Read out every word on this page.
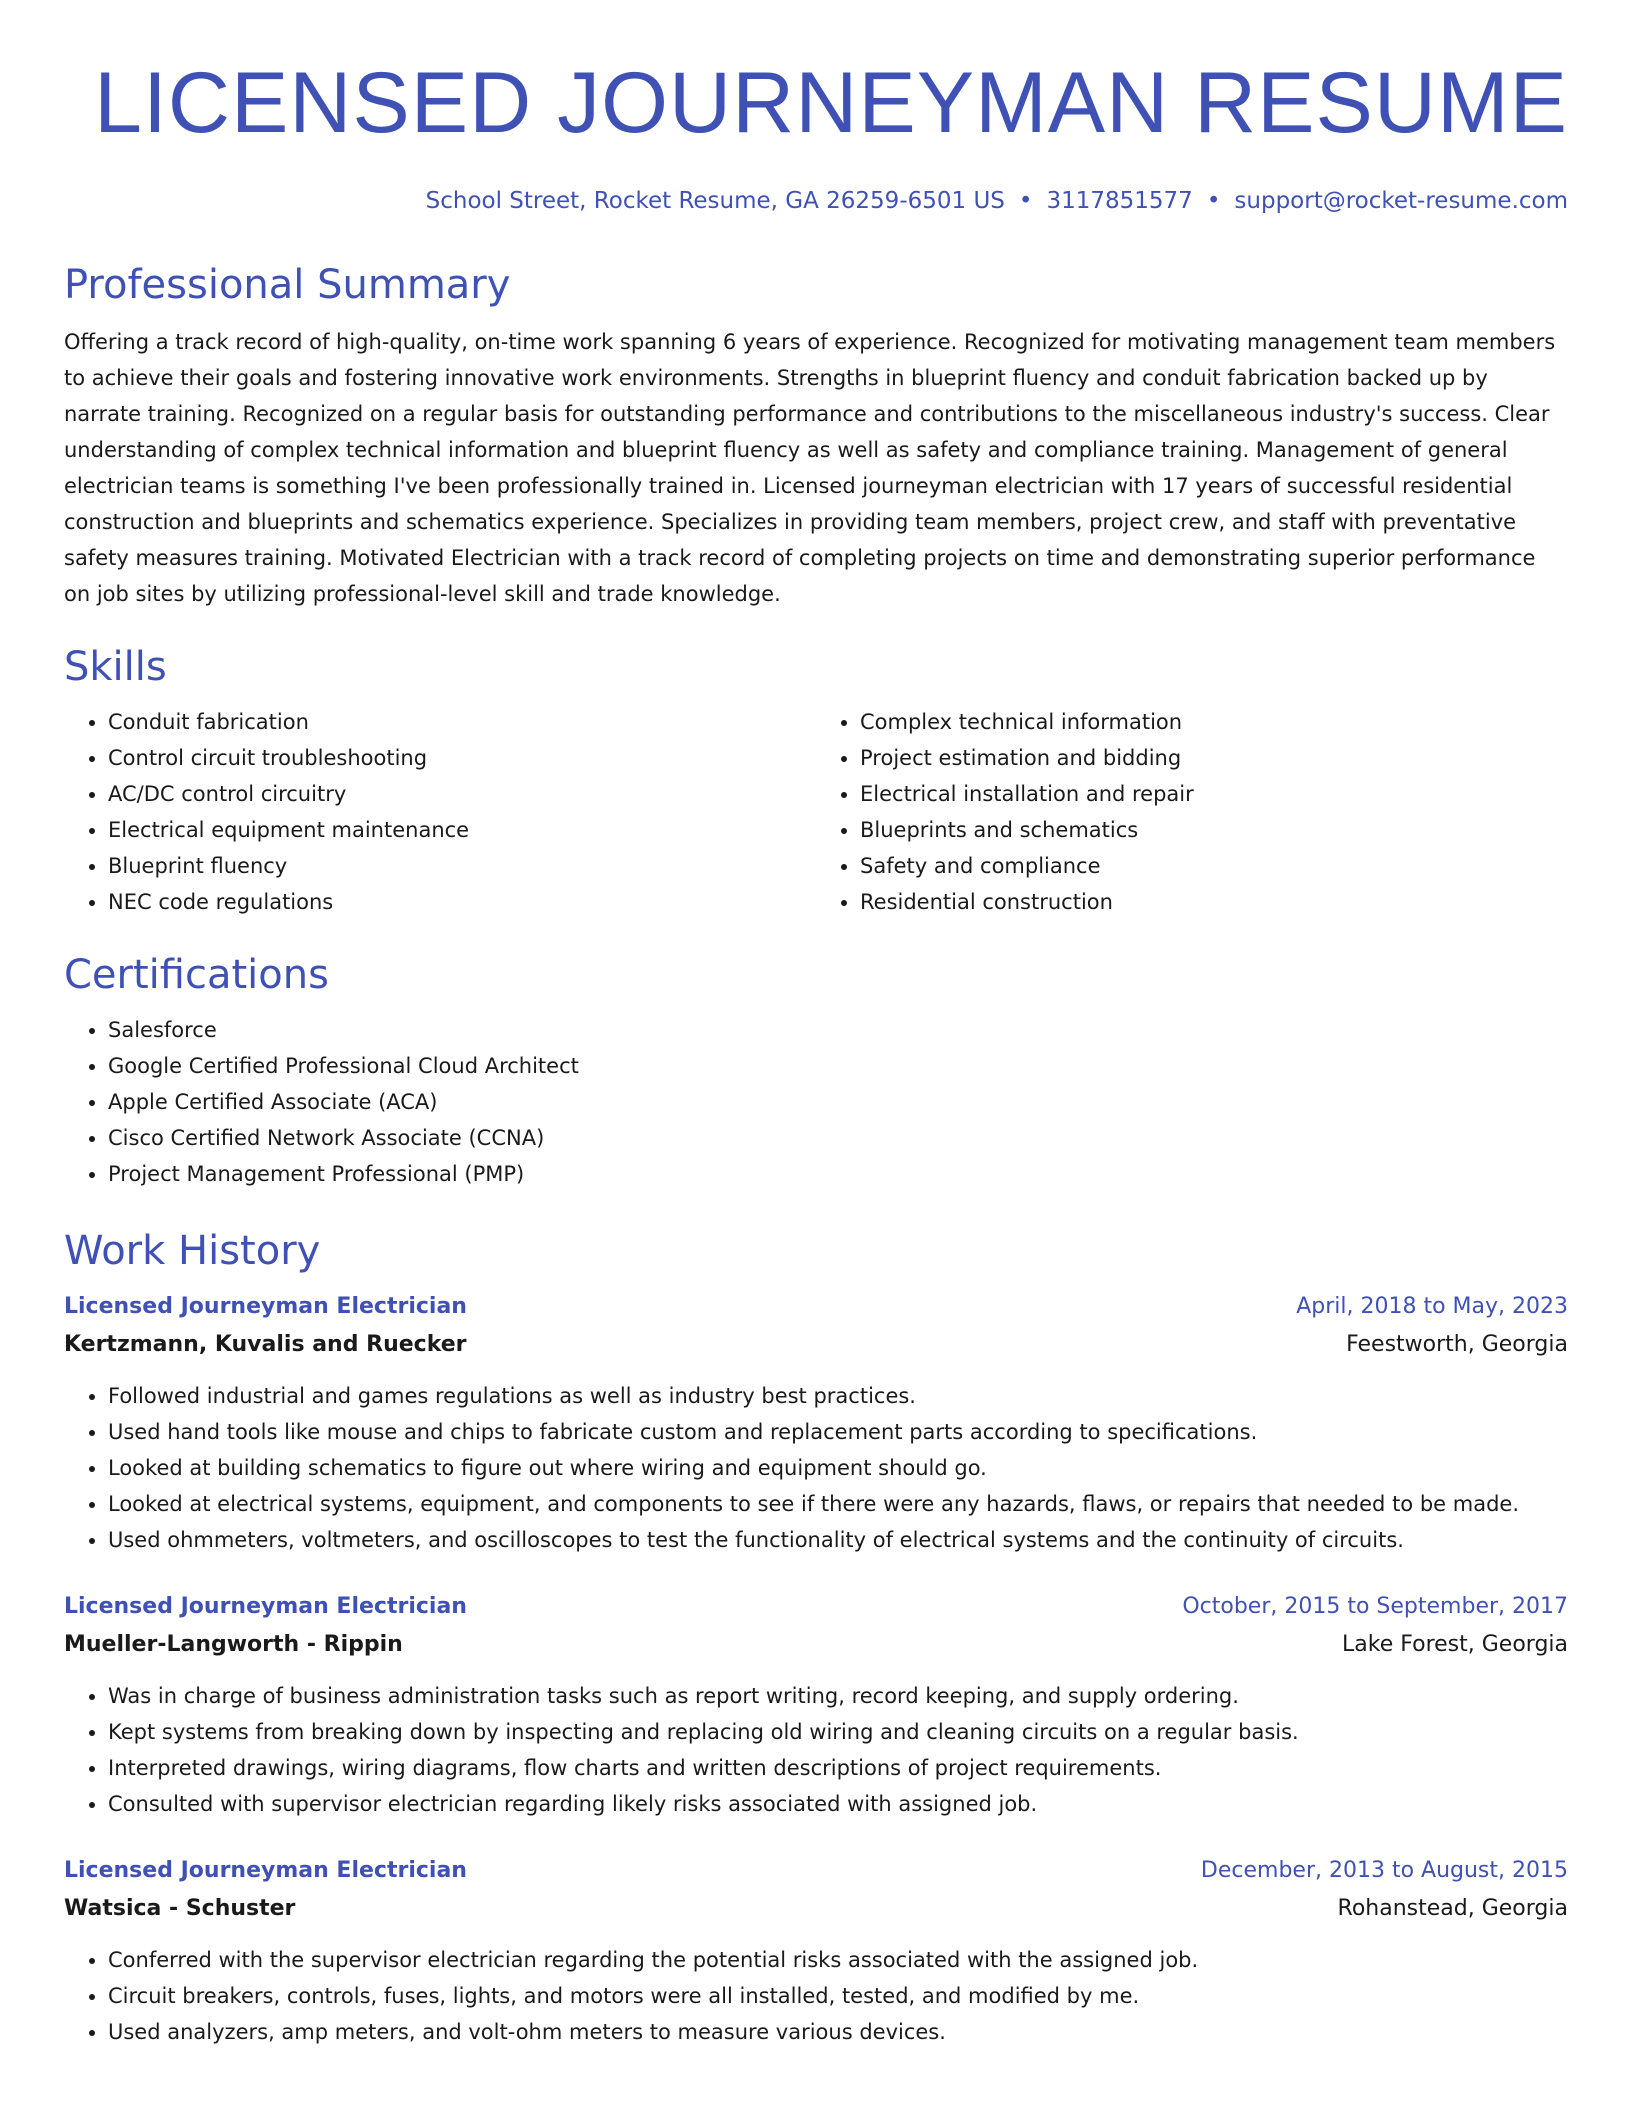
LICENSED JOURNEYMAN RESUME
School Street, Rocket Resume, GA 26259-6501 US • 3117851577 • support@rocket-resume.com
Professional Summary

Offering a track record of high-quality, on-time work spanning 6 years of experience. Recognized for motivating management team members to achieve their goals and fostering innovative work environments. Strengths in blueprint fluency and conduit fabrication backed up by narrate training. Recognized on a regular basis for outstanding performance and contributions to the miscellaneous industry's success. Clear understanding of complex technical information and blueprint fluency as well as safety and compliance training. Management of general electrician teams is something I've been professionally trained in. Licensed journeyman electrician with 17 years of successful residential construction and blueprints and schematics experience. Specializes in providing team members, project crew, and staff with preventative safety measures training. Motivated Electrician with a track record of completing projects on time and demonstrating superior performance on job sites by utilizing professional-level skill and trade knowledge.

Skills
• Conduit fabrication
• Control circuit troubleshooting
• AC/DC control circuitry
• Electrical equipment maintenance
• Blueprint fluency
• NEC code regulations
• Complex technical information
• Project estimation and bidding
• Electrical installation and repair
• Blueprints and schematics
• Safety and compliance
• Residential construction
Certifications
• Salesforce
• Google Certified Professional Cloud Architect
• Apple Certified Associate (ACA)
• Cisco Certified Network Associate (CCNA)
• Project Management Professional (PMP)
Work History
Licensed Journeyman Electrician	April, 2018 to May, 2023
Kertzmann, Kuvalis and Ruecker	Feestworth, Georgia
• Followed industrial and games regulations as well as industry best practices.
• Used hand tools like mouse and chips to fabricate custom and replacement parts according to specifications.
• Looked at building schematics to figure out where wiring and equipment should go.
• Looked at electrical systems, equipment, and components to see if there were any hazards, flaws, or repairs that needed to be made.
• Used ohmmeters, voltmeters, and oscilloscopes to test the functionality of electrical systems and the continuity of circuits.
Licensed Journeyman Electrician	October, 2015 to September, 2017
Mueller-Langworth - Rippin	Lake Forest, Georgia
• Was in charge of business administration tasks such as report writing, record keeping, and supply ordering.
• Kept systems from breaking down by inspecting and replacing old wiring and cleaning circuits on a regular basis.
• Interpreted drawings, wiring diagrams, flow charts and written descriptions of project requirements.
• Consulted with supervisor electrician regarding likely risks associated with assigned job.
Licensed Journeyman Electrician	December, 2013 to August, 2015
Watsica - Schuster	Rohanstead, Georgia
• Conferred with the supervisor electrician regarding the potential risks associated with the assigned job.
• Circuit breakers, controls, fuses, lights, and motors were all installed, tested, and modified by me.
• Used analyzers, amp meters, and volt-ohm meters to measure various devices.
